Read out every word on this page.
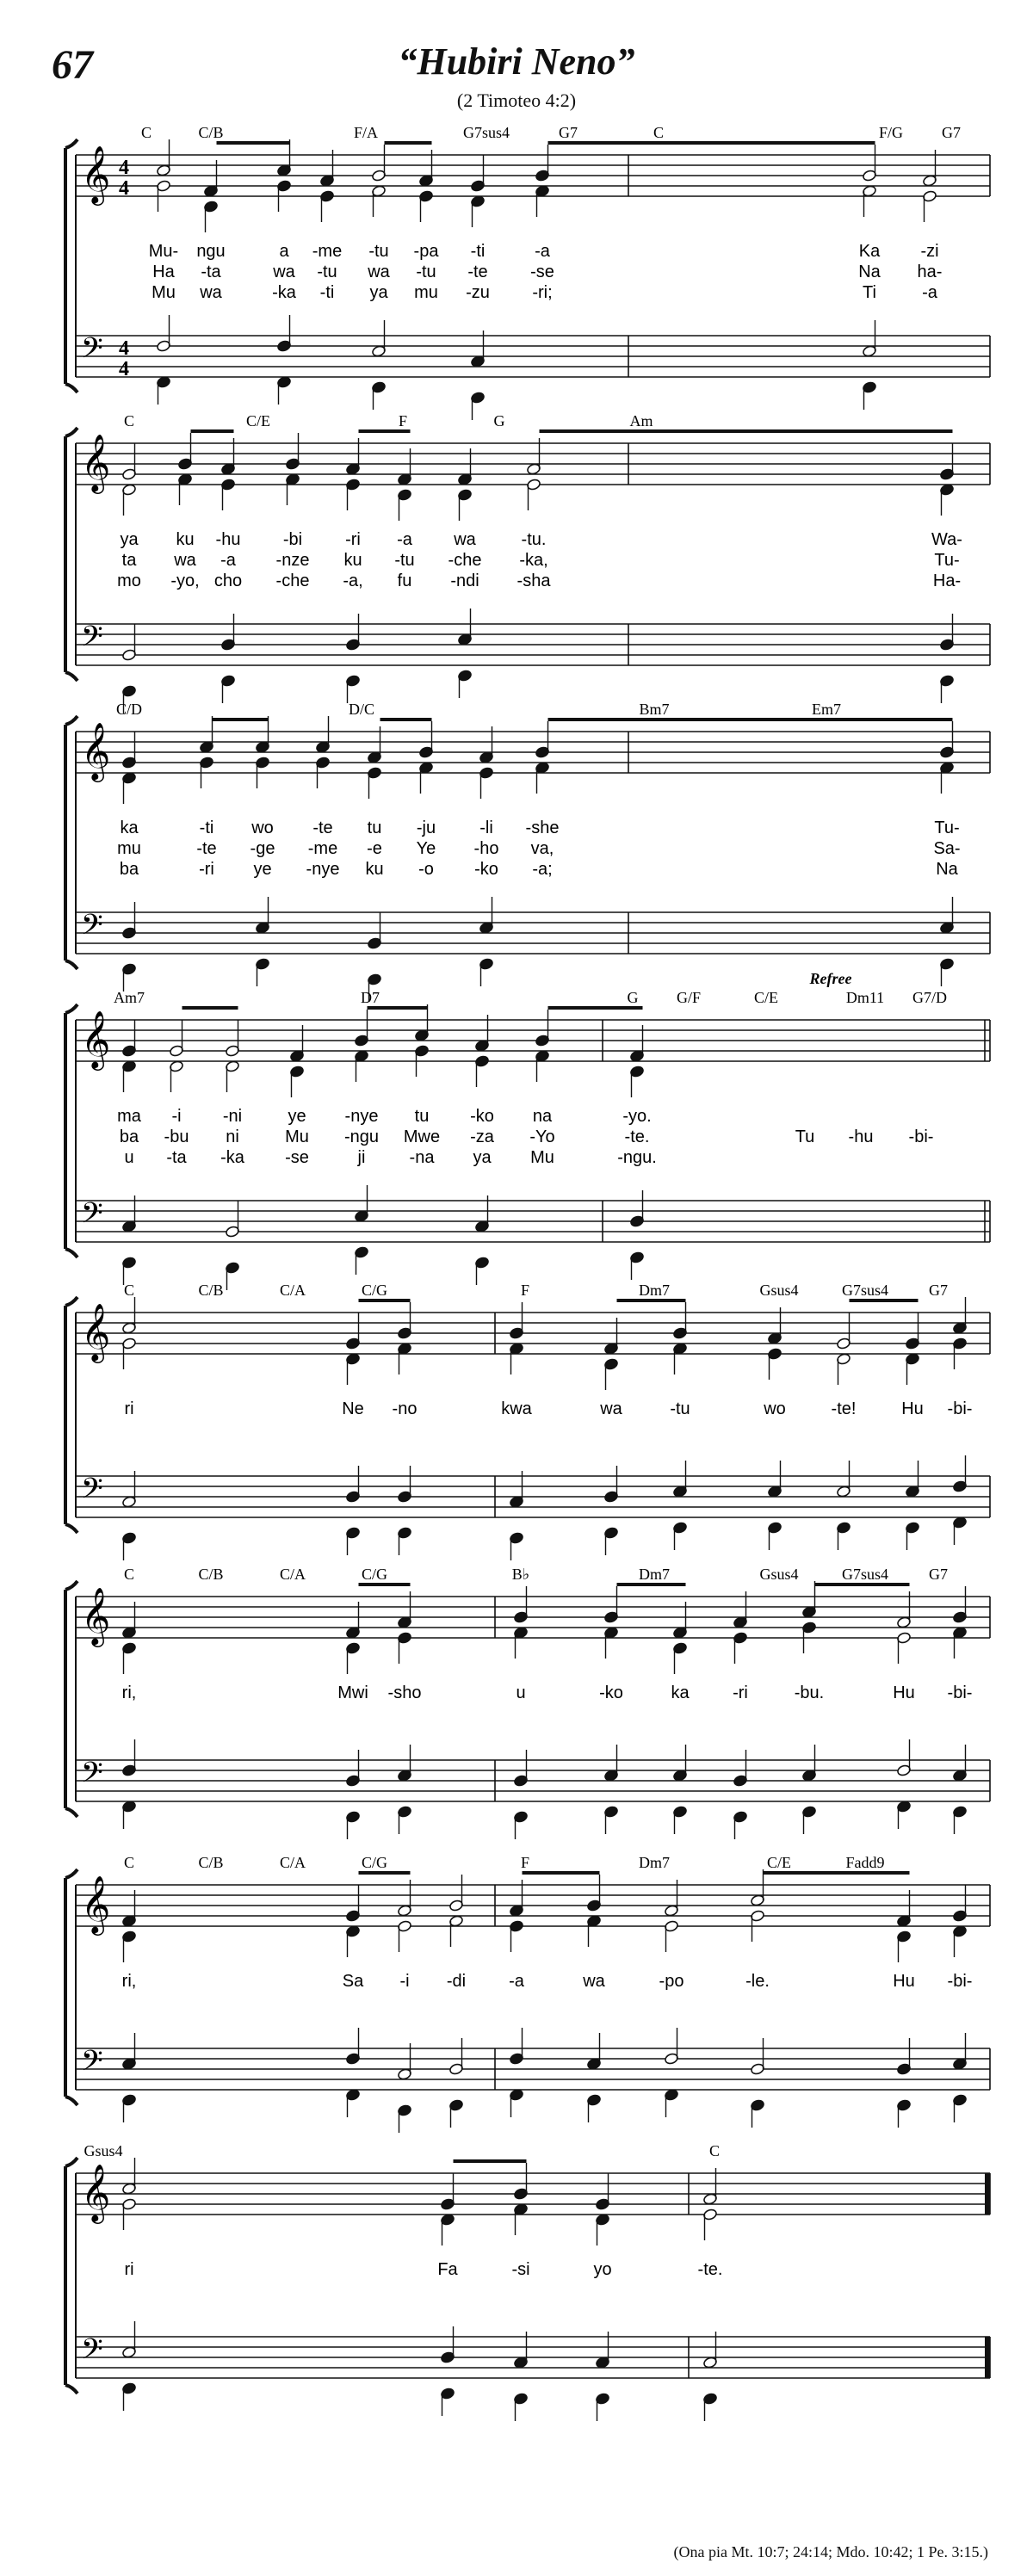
67	“Hubiri Neno”
(2 Timoteo 4:2)
C	C/B	F/A	G7sus4	G7	C	F/G G7
𝄞
𝄢
4
4
4
4
Mu- ngu	a -me -tu -pa -ti	-a	Ka -zi
Ha -ta	wa -tu wa -tu -te -se	Na ha-
Mu wa	-ka -ti ya mu -zu -ri;	Ti	-a
C	C/E	F	G	Am
𝄞
𝄢
ya ku -hu -bi	-ri -a wa	-tu.	Wa-
ta wa -a -nze ku -tu -che -ka,	Tu-
mo -yo, cho -che -a, fu -ndi -sha	Ha-
C/D	D/C	Bm7	Em7
𝄞
𝄢
ka	-ti wo -te tu -ju	-li -she	Tu-
mu	-te -ge -me -e Ye -ho va,	Sa-
ba	-ri ye -nye ku -o -ko -a;	Na
Am7	D7	G G/F	C/E	Dm11 G7/D
Refree
𝄞
𝄢
ma -i -ni	ye -nye tu -ko na	-yo.
ba -bu ni	Mu -ngu Mwe -za -Yo	-te.	Tu -hu -bi-
u -ta -ka -se	ji	-na ya Mu	-ngu.
C	C/B	C/A	C/G	F	Dm7	Gsus4	G7sus4	G7
𝄞
𝄢
ri	Ne -no	kwa	wa	-tu	wo	-te!	Hu -bi-
C	C/B	C/A	C/G	B♭	Dm7	Gsus4	G7sus4	G7
𝄞
𝄢
ri,	Mwi -sho	u	-ko	ka	-ri	-bu.	Hu -bi-
C	C/B	C/A	C/G	F	Dm7	C/E	Fadd9
𝄞
𝄢
ri,	Sa -i -di -a	wa	-po	-le.	Hu -bi-
Gsus4	C
𝄞
𝄢
ri	Fa	-si	yo	-te.
(Ona pia Mt. 10:7; 24:14; Mdo. 10:42; 1 Pe. 3:15.)
